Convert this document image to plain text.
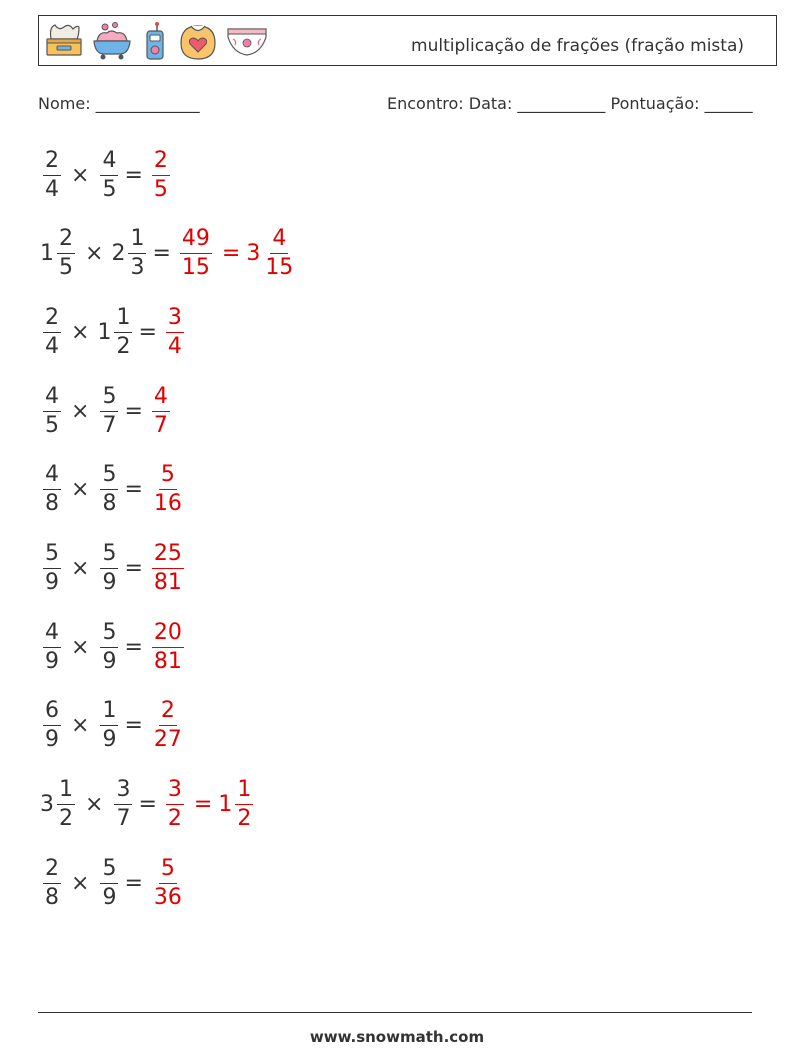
multiplicação de frações (fração mista)
Nome: _____________	Encontro: Data: ___________ Pontuação: ______
$\frac{2}{4} \times \frac{4}{5} = \frac{2}{5}$
$1 \frac{2}{5} \times 2 \frac{1}{3} = \frac{49}{15} = 3 \frac{4}{15}$
$\frac{2}{4} \times 1 \frac{1}{2} = \frac{3}{4}$
$\frac{4}{5} \times \frac{5}{7} = \frac{4}{7}$
$\frac{4}{8} \times \frac{5}{8} = \frac{5}{16}$
$\frac{5}{9} \times \frac{5}{9} = \frac{25}{81}$
$\frac{4}{9} \times \frac{5}{9} = \frac{20}{81}$
$\frac{6}{9} \times \frac{1}{9} = \frac{2}{27}$
$3 \frac{1}{2} \times \frac{3}{7} = \frac{3}{2} = 1 \frac{1}{2}$
$\frac{2}{8} \times \frac{5}{9} = \frac{5}{36}$
www.snowmath.com
